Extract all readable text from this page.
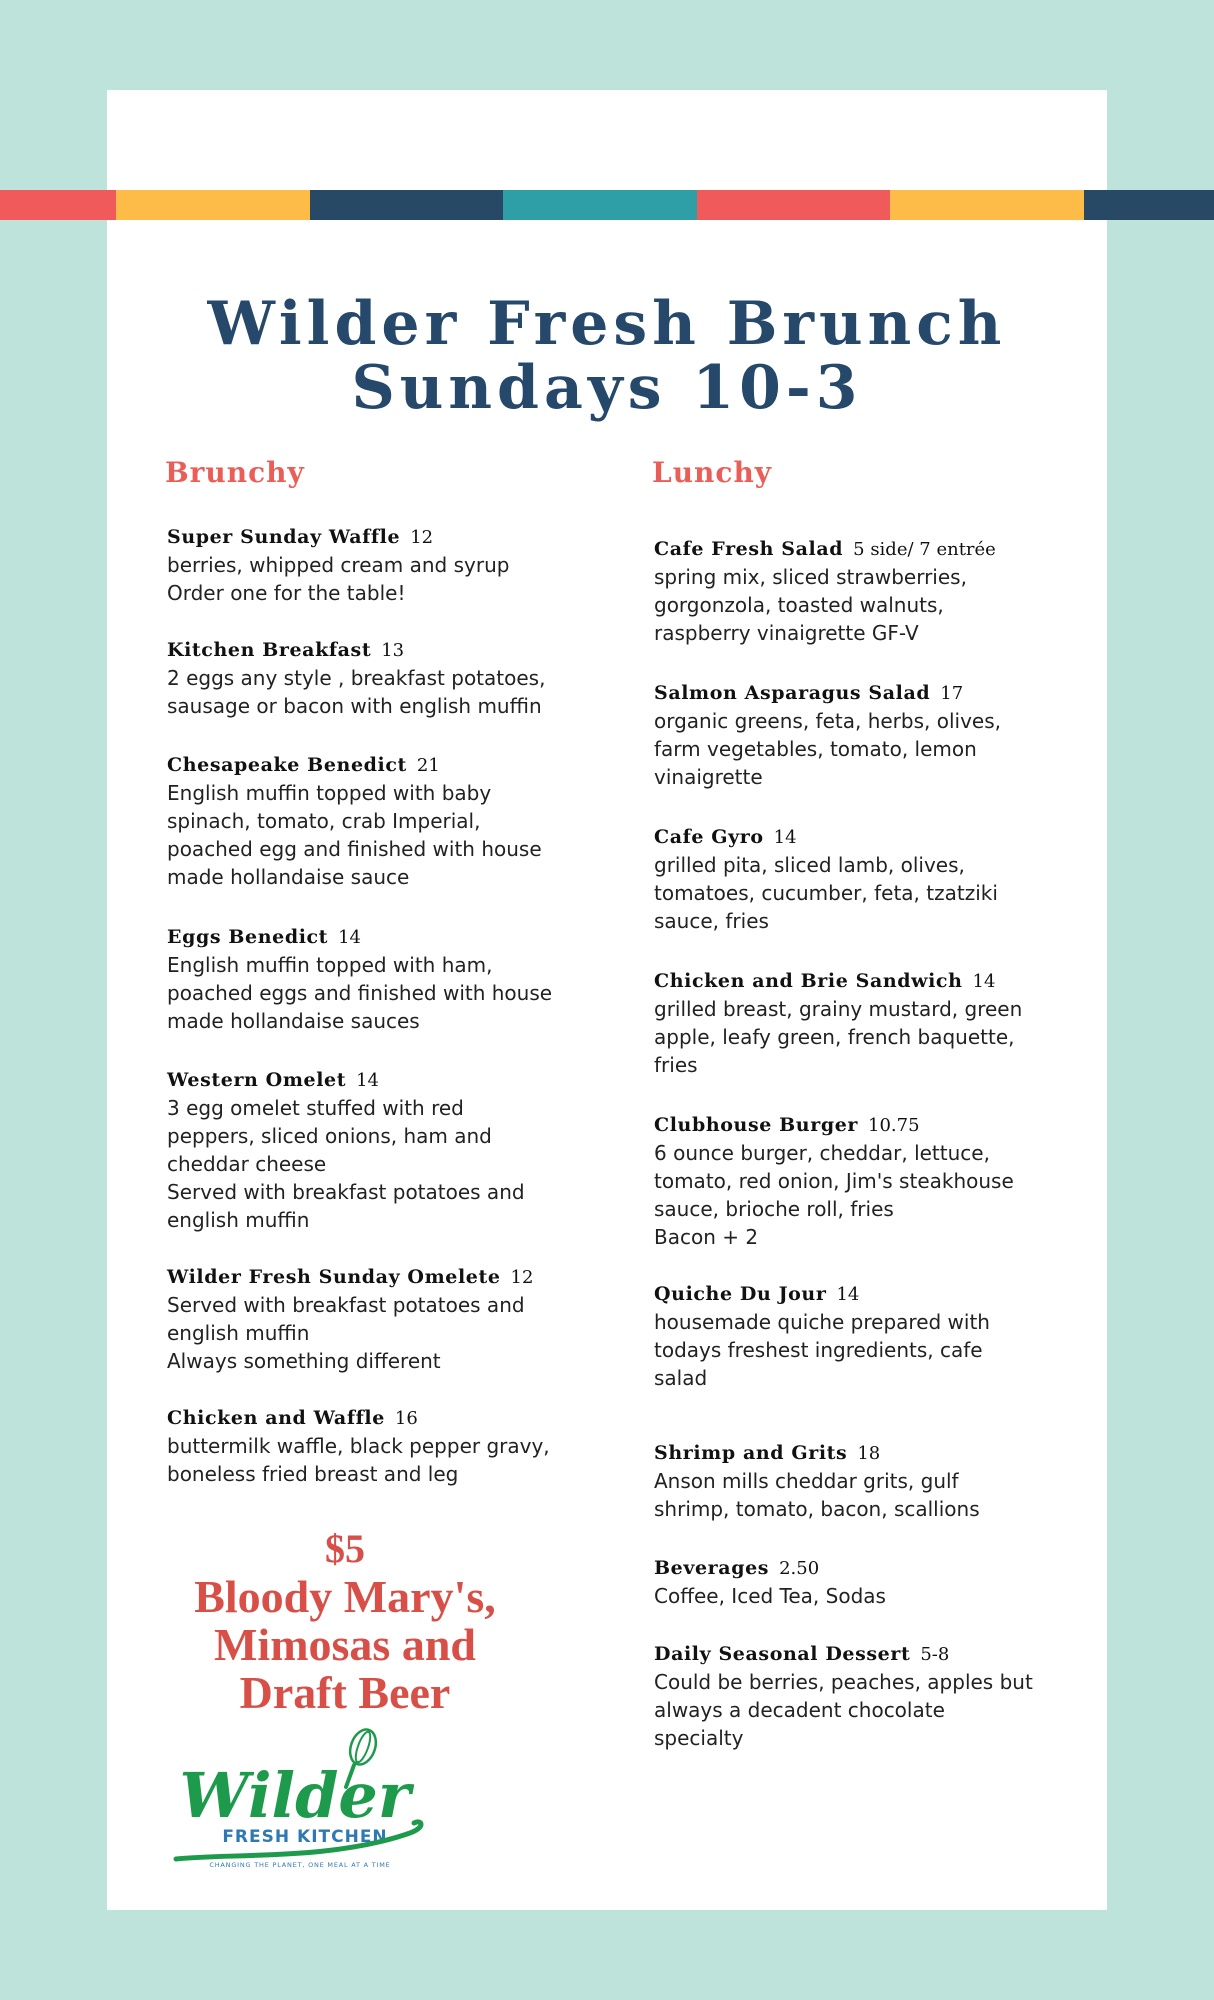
Wilder Fresh Brunch
Sundays 10-3
Brunchy	Lunchy
Super Sunday Waffle 12
berries, whipped cream and syrup
Order one for the table!
Kitchen Breakfast 13
2 eggs any style , breakfast potatoes,
sausage or bacon with english muffin
Chesapeake Benedict 21
English muffin topped with baby
spinach, tomato, crab Imperial,
poached egg and finished with house
made hollandaise sauce
Eggs Benedict 14
English muffin topped with ham,
poached eggs and finished with house
made hollandaise sauces
Western Omelet 14
3 egg omelet stuffed with red
peppers, sliced onions, ham and
cheddar cheese
Served with breakfast potatoes and
english muffin
Wilder Fresh Sunday Omelete 12
Served with breakfast potatoes and
english muffin
Always something different
Chicken and Waffle 16
buttermilk waffle, black pepper gravy,
boneless fried breast and leg
Cafe Fresh Salad 5 side/ 7 entrée
spring mix, sliced strawberries,
gorgonzola, toasted walnuts,
raspberry vinaigrette GF-V
Salmon Asparagus Salad 17
organic greens, feta, herbs, olives,
farm vegetables, tomato, lemon
vinaigrette
Cafe Gyro 14
grilled pita, sliced lamb, olives,
tomatoes, cucumber, feta, tzatziki
sauce, fries
Chicken and Brie Sandwich 14
grilled breast, grainy mustard, green
apple, leafy green, french baquette,
fries
Clubhouse Burger 10.75
6 ounce burger, cheddar, lettuce,
tomato, red onion, Jim's steakhouse
sauce, brioche roll, fries
Bacon + 2
Quiche Du Jour 14
housemade quiche prepared with
todays freshest ingredients, cafe
salad
Shrimp and Grits 18
Anson mills cheddar grits, gulf
shrimp, tomato, bacon, scallions
Beverages 2.50
Coffee, Iced Tea, Sodas
Daily Seasonal Dessert 5-8
Could be berries, peaches, apples but
always a decadent chocolate
specialty
$5
Bloody Mary's,
Mimosas and
Draft Beer
Wilder
FRESH KITCHEN
CHANGING THE PLANET, ONE MEAL AT A TIME
